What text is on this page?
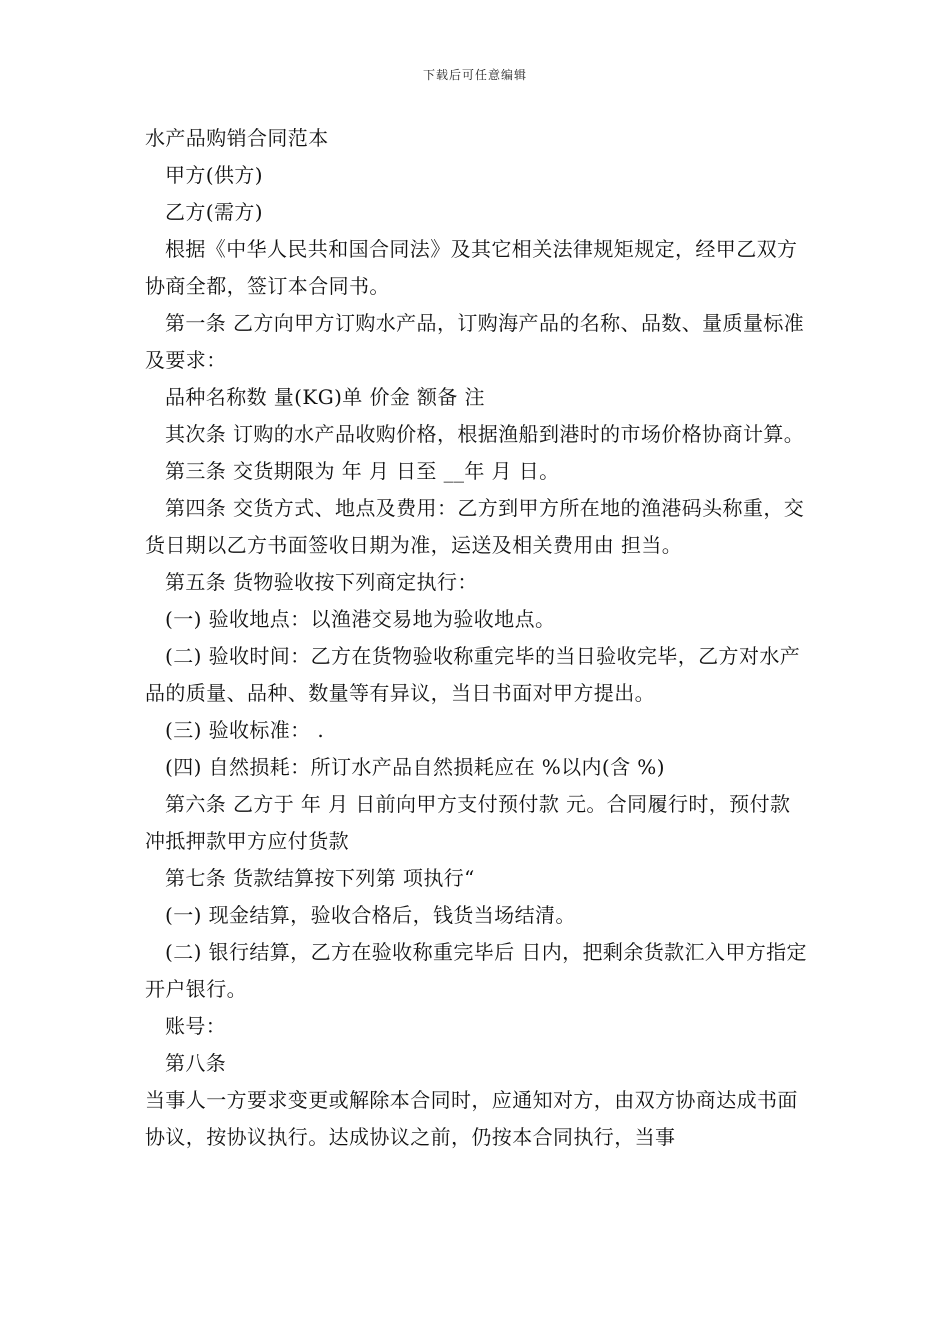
下载后可任意编辑

水产品购销合同范本

甲方(供方)

乙方(需方)

根据《中华人民共和国合同法》及其它相关法律规矩规定，经甲乙双方协商全都，签订本合同书。

第一条 乙方向甲方订购水产品，订购海产品的名称、品数、量质量标准及要求：

品种名称数 量(KG)单 价金 额备 注

其次条 订购的水产品收购价格，根据渔船到港时的市场价格协商计算。

第三条 交货期限为 年 月 日至 __年 月 日。

第四条 交货方式、地点及费用：乙方到甲方所在地的渔港码头称重，交货日期以乙方书面签收日期为准，运送及相关费用由 担当。

第五条 货物验收按下列商定执行：

(一) 验收地点：以渔港交易地为验收地点。

(二) 验收时间：乙方在货物验收称重完毕的当日验收完毕，乙方对水产品的质量、品种、数量等有异议，当日书面对甲方提出。

(三) 验收标准： .

(四) 自然损耗：所订水产品自然损耗应在 %以内(含 %)

第六条 乙方于 年 月 日前向甲方支付预付款 元。合同履行时，预付款冲抵押款甲方应付货款

第七条 货款结算按下列第 项执行“

(一) 现金结算，验收合格后，钱货当场结清。

(二) 银行结算，乙方在验收称重完毕后 日内，把剩余货款汇入甲方指定开户银行。

账号：

第八条

当事人一方要求变更或解除本合同时，应通知对方，由双方协商达成书面协议，按协议执行。达成协议之前，仍按本合同执行，当事
